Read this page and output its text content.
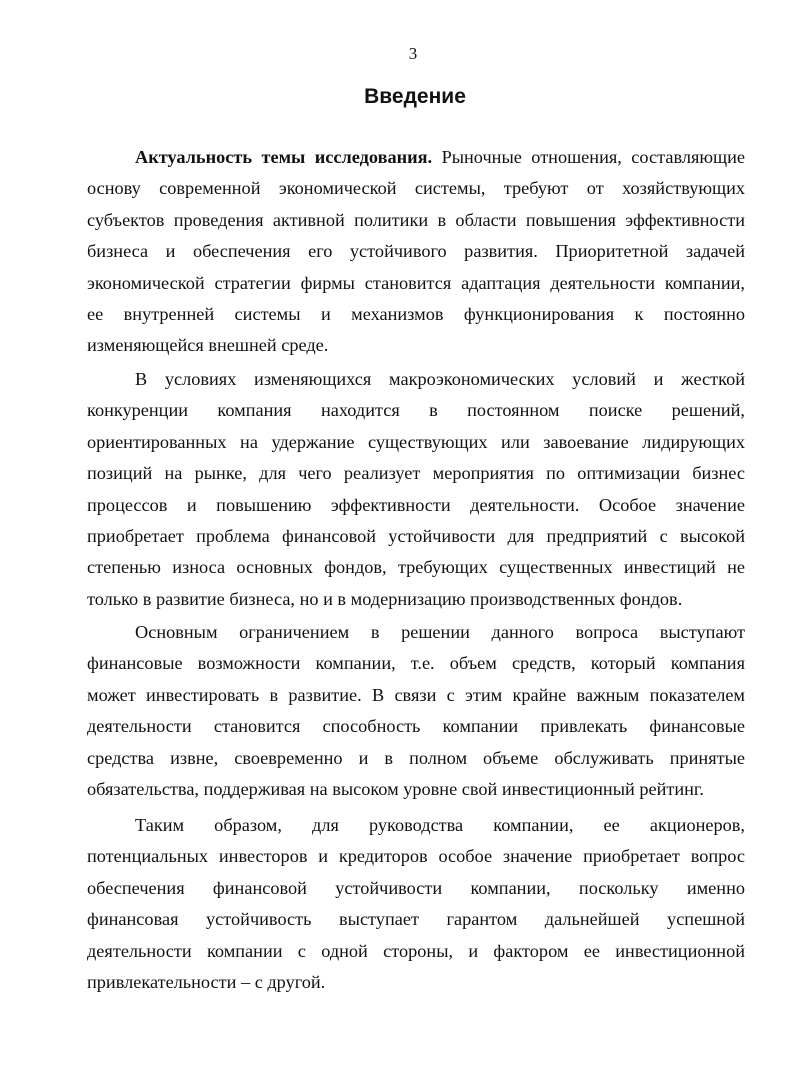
3
Введение
Актуальность темы исследования. Рыночные отношения, составляющие
основу современной экономической системы, требуют от хозяйствующих
субъектов проведения активной политики в области повышения эффективности
бизнеса и обеспечения его устойчивого развития. Приоритетной задачей
экономической стратегии фирмы становится адаптация деятельности компании,
ее внутренней системы и механизмов функционирования к постоянно
изменяющейся внешней среде.
В условиях изменяющихся макроэкономических условий и жесткой
конкуренции компания находится в постоянном поиске решений,
ориентированных на удержание существующих или завоевание лидирующих
позиций на рынке, для чего реализует мероприятия по оптимизации бизнес
процессов и повышению эффективности деятельности. Особое значение
приобретает проблема финансовой устойчивости для предприятий с высокой
степенью износа основных фондов, требующих существенных инвестиций не
только в развитие бизнеса, но и в модернизацию производственных фондов.
Основным ограничением в решении данного вопроса выступают
финансовые возможности компании, т.е. объем средств, который компания
может инвестировать в развитие. В связи с этим крайне важным показателем
деятельности становится способность компании привлекать финансовые
средства извне, своевременно и в полном объеме обслуживать принятые
обязательства, поддерживая на высоком уровне свой инвестиционный рейтинг.
Таким образом, для руководства компании, ее акционеров,
потенциальных инвесторов и кредиторов особое значение приобретает вопрос
обеспечения финансовой устойчивости компании, поскольку именно
финансовая устойчивость выступает гарантом дальнейшей успешной
деятельности компании с одной стороны, и фактором ее инвестиционной
привлекательности – с другой.
